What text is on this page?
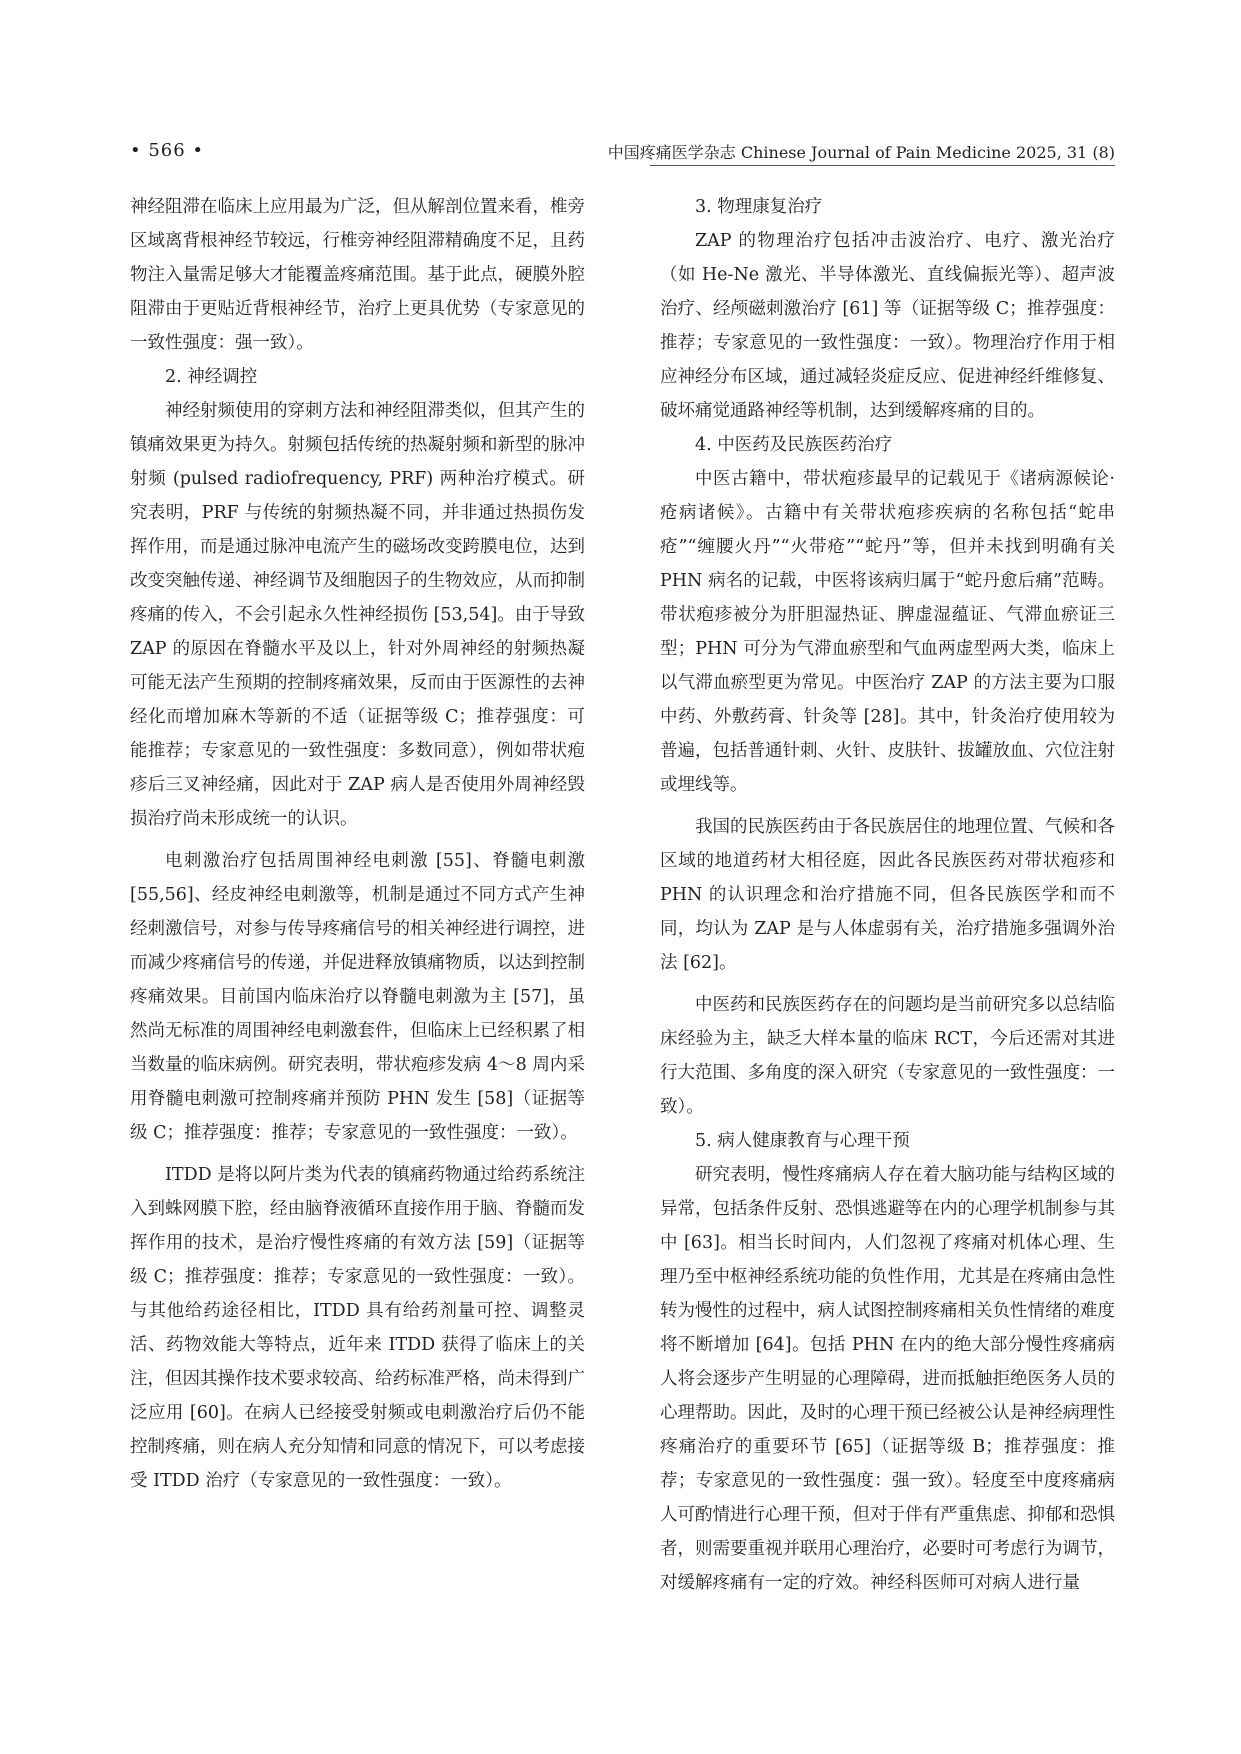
• 566 •	中国疼痛医学杂志 Chinese Journal of Pain Medicine 2025, 31 (8)

神经阻滞在临床上应用最为广泛，但从解剖位置来看，椎旁区域离背根神经节较远，行椎旁神经阻滞精确度不足，且药物注入量需足够大才能覆盖疼痛范围。基于此点，硬膜外腔阻滞由于更贴近背根神经节，治疗上更具优势（专家意见的一致性强度：强一致）。

2. 神经调控

神经射频使用的穿刺方法和神经阻滞类似，但其产生的镇痛效果更为持久。射频包括传统的热凝射频和新型的脉冲射频 (pulsed radiofrequency, PRF) 两种治疗模式。研究表明，PRF 与传统的射频热凝不同，并非通过热损伤发挥作用，而是通过脉冲电流产生的磁场改变跨膜电位，达到改变突触传递、神经调节及细胞因子的生物效应，从而抑制疼痛的传入，不会引起永久性神经损伤 [53,54]。由于导致 ZAP 的原因在脊髓水平及以上，针对外周神经的射频热凝可能无法产生预期的控制疼痛效果，反而由于医源性的去神经化而增加麻木等新的不适（证据等级 C；推荐强度：可能推荐；专家意见的一致性强度：多数同意），例如带状疱疹后三叉神经痛，因此对于 ZAP 病人是否使用外周神经毁损治疗尚未形成统一的认识。

电刺激治疗包括周围神经电刺激 [55]、脊髓电刺激 [55,56]、经皮神经电刺激等，机制是通过不同方式产生神经刺激信号，对参与传导疼痛信号的相关神经进行调控，进而减少疼痛信号的传递，并促进释放镇痛物质，以达到控制疼痛效果。目前国内临床治疗以脊髓电刺激为主 [57]，虽然尚无标准的周围神经电刺激套件，但临床上已经积累了相当数量的临床病例。研究表明，带状疱疹发病 4～8 周内采用脊髓电刺激可控制疼痛并预防 PHN 发生 [58]（证据等级 C；推荐强度：推荐；专家意见的一致性强度：一致）。

ITDD 是将以阿片类为代表的镇痛药物通过给药系统注入到蛛网膜下腔，经由脑脊液循环直接作用于脑、脊髓而发挥作用的技术，是治疗慢性疼痛的有效方法 [59]（证据等级 C；推荐强度：推荐；专家意见的一致性强度：一致）。与其他给药途径相比，ITDD 具有给药剂量可控、调整灵活、药物效能大等特点，近年来 ITDD 获得了临床上的关注，但因其操作技术要求较高、给药标准严格，尚未得到广泛应用 [60]。在病人已经接受射频或电刺激治疗后仍不能控制疼痛，则在病人充分知情和同意的情况下，可以考虑接受 ITDD 治疗（专家意见的一致性强度：一致）。

3. 物理康复治疗

ZAP 的物理治疗包括冲击波治疗、电疗、激光治疗（如 He-Ne 激光、半导体激光、直线偏振光等）、超声波治疗、经颅磁刺激治疗 [61] 等（证据等级 C；推荐强度：推荐；专家意见的一致性强度：一致）。物理治疗作用于相应神经分布区域，通过减轻炎症反应、促进神经纤维修复、破坏痛觉通路神经等机制，达到缓解疼痛的目的。

4. 中医药及民族医药治疗

中医古籍中，带状疱疹最早的记载见于《诸病源候论·疮病诸候》。古籍中有关带状疱疹疾病的名称包括“蛇串疮”“缠腰火丹”“火带疮”“蛇丹”等，但并未找到明确有关 PHN 病名的记载，中医将该病归属于“蛇丹愈后痛”范畴。带状疱疹被分为肝胆湿热证、脾虚湿蕴证、气滞血瘀证三型；PHN 可分为气滞血瘀型和气血两虚型两大类，临床上以气滞血瘀型更为常见。中医治疗 ZAP 的方法主要为口服中药、外敷药膏、针灸等 [28]。其中，针灸治疗使用较为普遍，包括普通针刺、火针、皮肤针、拔罐放血、穴位注射或埋线等。

我国的民族医药由于各民族居住的地理位置、气候和各区域的地道药材大相径庭，因此各民族医药对带状疱疹和 PHN 的认识理念和治疗措施不同，但各民族医学和而不同，均认为 ZAP 是与人体虚弱有关，治疗措施多强调外治法 [62]。

中医药和民族医药存在的问题均是当前研究多以总结临床经验为主，缺乏大样本量的临床 RCT，今后还需对其进行大范围、多角度的深入研究（专家意见的一致性强度：一致）。

5. 病人健康教育与心理干预

研究表明，慢性疼痛病人存在着大脑功能与结构区域的异常，包括条件反射、恐惧逃避等在内的心理学机制参与其中 [63]。相当长时间内，人们忽视了疼痛对机体心理、生理乃至中枢神经系统功能的负性作用，尤其是在疼痛由急性转为慢性的过程中，病人试图控制疼痛相关负性情绪的难度将不断增加 [64]。包括 PHN 在内的绝大部分慢性疼痛病人将会逐步产生明显的心理障碍，进而抵触拒绝医务人员的心理帮助。因此，及时的心理干预已经被公认是神经病理性疼痛治疗的重要环节 [65]（证据等级 B；推荐强度：推荐；专家意见的一致性强度：强一致）。轻度至中度疼痛病人可酌情进行心理干预，但对于伴有严重焦虑、抑郁和恐惧者，则需要重视并联用心理治疗，必要时可考虑行为调节，对缓解疼痛有一定的疗效。神经科医师可对病人进行量
